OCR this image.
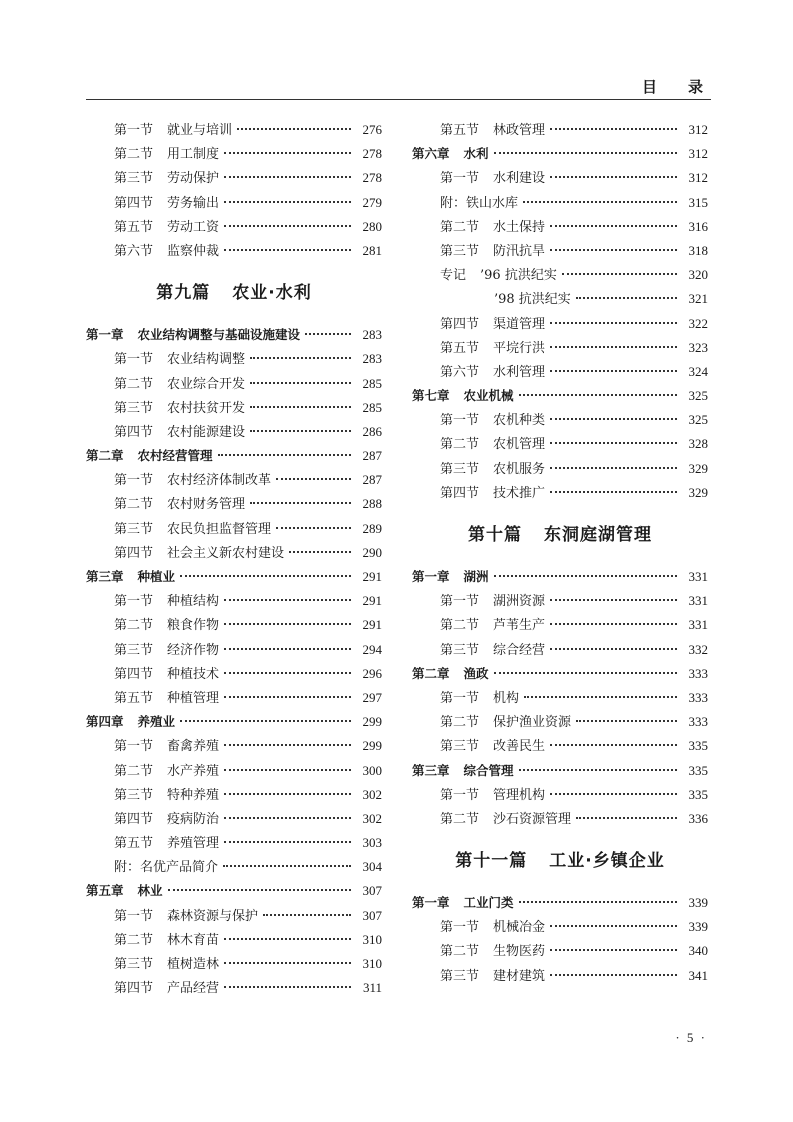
目　录
第一节 就业与培训	276
第二节 用工制度	278
第三节 劳动保护	278
第四节 劳务输出	279
第五节 劳动工资	280
第六节 监察仲裁	281
第九篇 农业·水利
第一章 农业结构调整与基础设施建设	283
第一节 农业结构调整	283
第二节 农业综合开发	285
第三节 农村扶贫开发	285
第四节 农村能源建设	286
第二章 农村经营管理	287
第一节 农村经济体制改革	287
第二节 农村财务管理	288
第三节 农民负担监督管理	289
第四节 社会主义新农村建设	290
第三章 种植业	291
第一节 种植结构	291
第二节 粮食作物	291
第三节 经济作物	294
第四节 种植技术	296
第五节 种植管理	297
第四章 养殖业	299
第一节 畜禽养殖	299
第二节 水产养殖	300
第三节 特种养殖	302
第四节 疫病防治	302
第五节 养殖管理	303
附：名优产品简介	304
第五章 林业	307
第一节 森林资源与保护	307
第二节 林木育苗	310
第三节 植树造林	310
第四节 产品经营	311
第五节 林政管理	312
第六章 水利	312
第一节 水利建设	312
附：铁山水库	315
第二节 水土保持	316
第三节 防汛抗旱	318
专记 ’96 抗洪纪实	320
’98 抗洪纪实	321
第四节 渠道管理	322
第五节 平垸行洪	323
第六节 水利管理	324
第七章 农业机械	325
第一节 农机种类	325
第二节 农机管理	328
第三节 农机服务	329
第四节 技术推广	329
第十篇 东洞庭湖管理
第一章 湖洲	331
第一节 湖洲资源	331
第二节 芦苇生产	331
第三节 综合经营	332
第二章 渔政	333
第一节 机构	333
第二节 保护渔业资源	333
第三节 改善民生	335
第三章 综合管理	335
第一节 管理机构	335
第二节 沙石资源管理	336
第十一篇 工业·乡镇企业
第一章 工业门类	339
第一节 机械冶金	339
第二节 生物医药	340
第三节 建材建筑	341
· 5 ·
